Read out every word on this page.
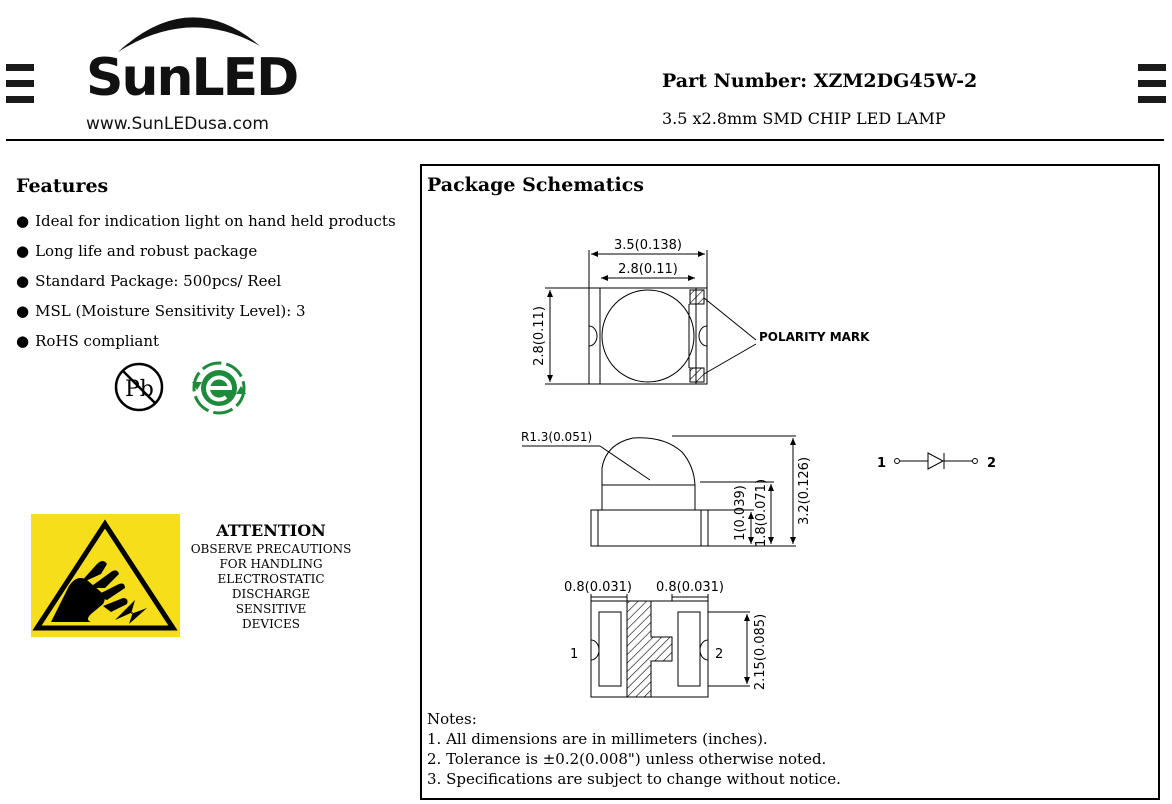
SunLED
www.SunLEDusa.com
Part Number: XZM2DG45W-2
3.5 x2.8mm SMD CHIP LED LAMP
Features
● Ideal for indication light on hand held products
● Long life and robust package
● Standard Package: 500pcs/ Reel
● MSL (Moisture Sensitivity Level): 3
● RoHS compliant
Pb
ATTENTION
OBSERVE PRECAUTIONS
FOR HANDLING
ELECTROSTATIC
DISCHARGE
SENSITIVE
DEVICES
Package Schematics
3.5(0.138)
2.8(0.11)
2.8(0.11)	POLARITY MARK
R1.3(0.051)
1(0.039) 1.8(0.071) 3.2(0.126)
0.8(0.031) 0.8(0.031)
2.15(0.085)
1	2
1	2
Notes:
1. All dimensions are in millimeters (inches).
2. Tolerance is ±0.2(0.008") unless otherwise noted.
3. Specifications are subject to change without notice.
